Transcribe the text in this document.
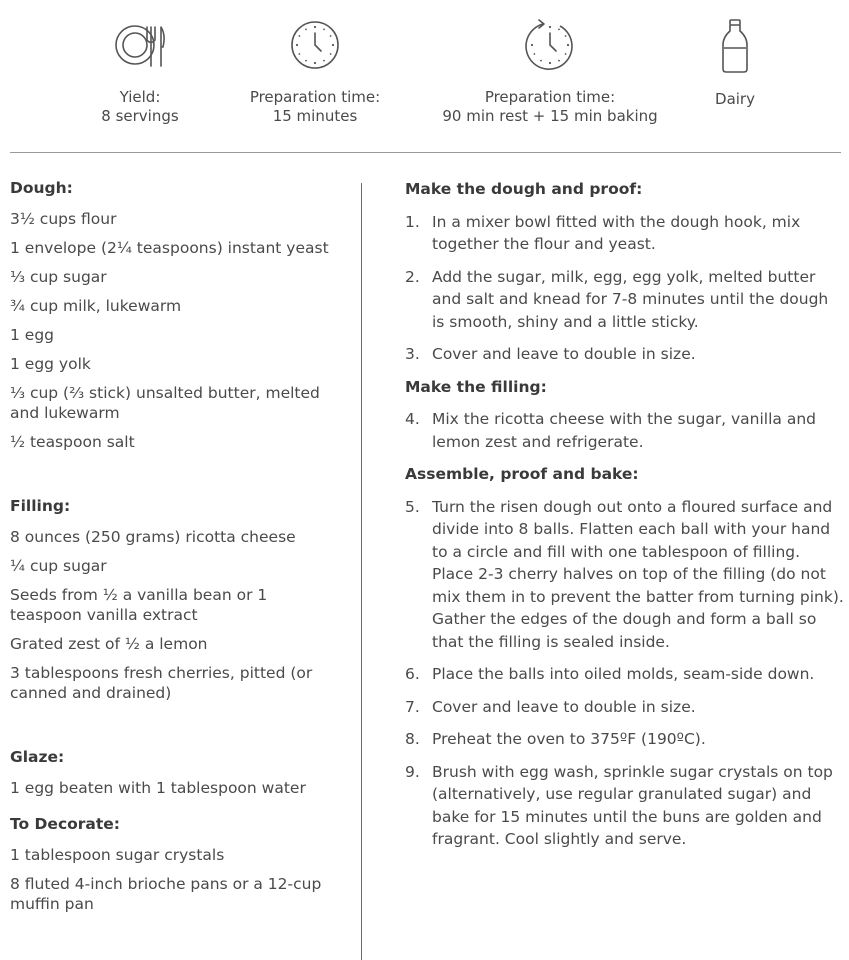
Yield:
8 servings
Preparation time:
15 minutes
Preparation time:
90 min rest + 15 min baking
Dairy
Dough:
3½ cups flour
1 envelope (2¼ teaspoons) instant yeast
⅓ cup sugar
¾ cup milk, lukewarm
1 egg
1 egg yolk
⅓ cup (⅔ stick) unsalted butter, melted and lukewarm
½ teaspoon salt
Filling:
8 ounces (250 grams) ricotta cheese
¼ cup sugar
Seeds from ½ a vanilla bean or 1 teaspoon vanilla extract
Grated zest of ½ a lemon
3 tablespoons fresh cherries, pitted (or canned and drained)
Glaze:
1 egg beaten with 1 tablespoon water
To Decorate:
1 tablespoon sugar crystals
8 fluted 4-inch brioche pans or a 12-cup muffin pan
Make the dough and proof:
1. In a mixer bowl fitted with the dough hook, mix together the flour and yeast.
2. Add the sugar, milk, egg, egg yolk, melted butter and salt and knead for 7-8 minutes until the dough is smooth, shiny and a little sticky.
3. Cover and leave to double in size.
Make the filling:
4. Mix the ricotta cheese with the sugar, vanilla and lemon zest and refrigerate.
Assemble, proof and bake:
5. Turn the risen dough out onto a floured surface and divide into 8 balls. Flatten each ball with your hand to a circle and fill with one tablespoon of filling. Place 2-3 cherry halves on top of the filling (do not mix them in to prevent the batter from turning pink). Gather the edges of the dough and form a ball so that the filling is sealed inside.
6. Place the balls into oiled molds, seam-side down.
7. Cover and leave to double in size.
8. Preheat the oven to 375ºF (190ºC).
9. Brush with egg wash, sprinkle sugar crystals on top (alternatively, use regular granulated sugar) and bake for 15 minutes until the buns are golden and fragrant. Cool slightly and serve.
